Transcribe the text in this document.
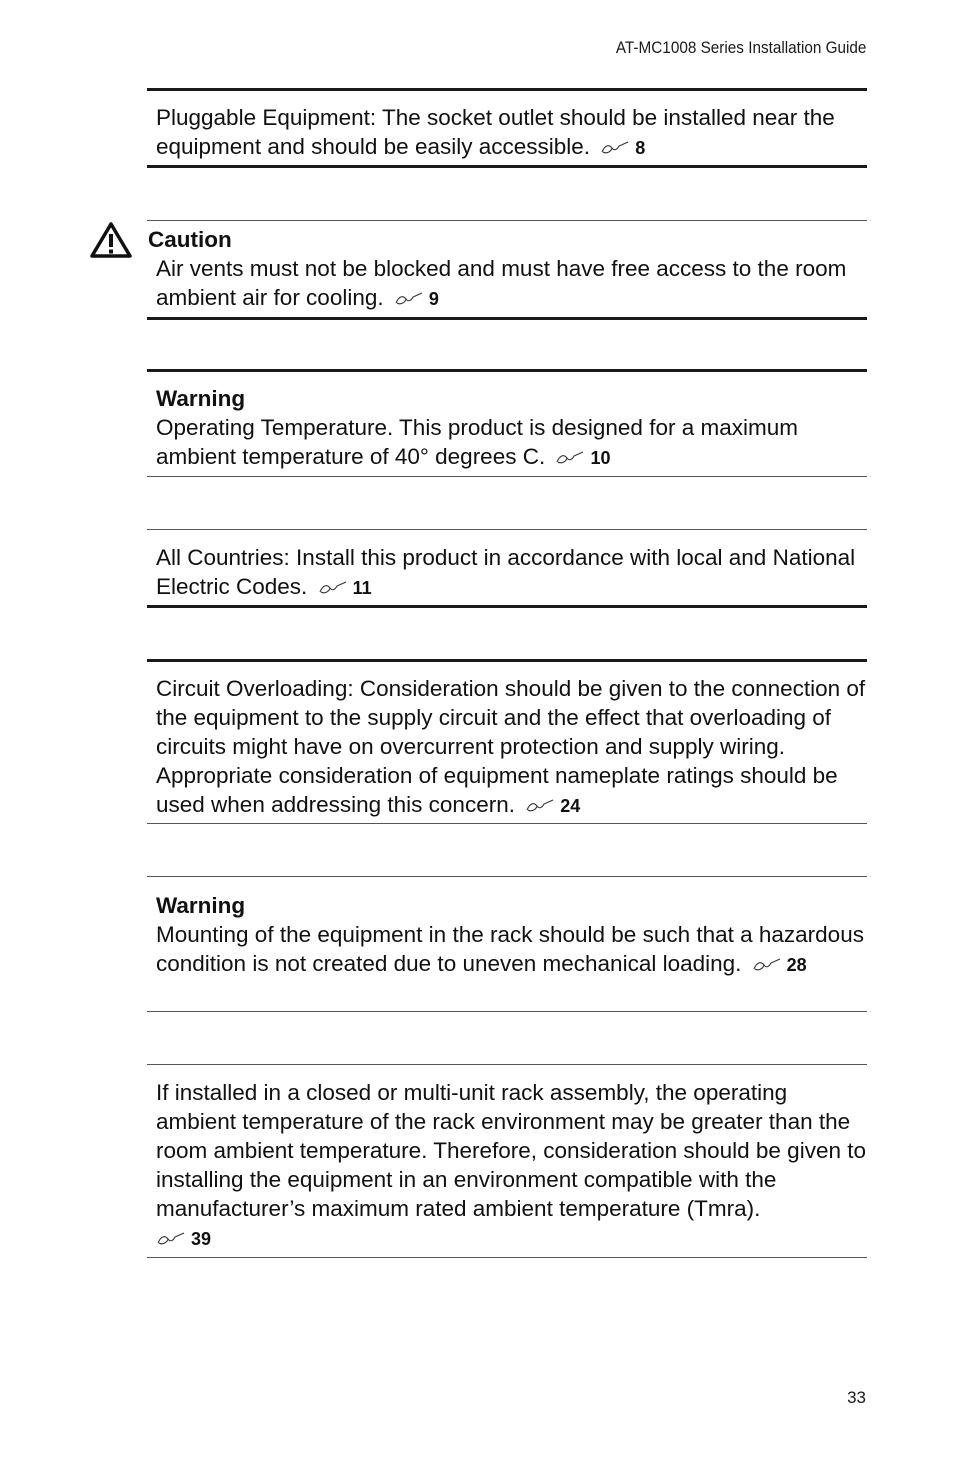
AT-MC1008 Series Installation Guide
Pluggable Equipment: The socket outlet should be installed near the equipment and should be easily accessible.	8
Caution
Air vents must not be blocked and must have free access to the room ambient air for cooling.	9
Warning
Operating Temperature. This product is designed for a maximum ambient temperature of 40° degrees C.	10
All Countries: Install this product in accordance with local and National Electric Codes.	11
Circuit Overloading: Consideration should be given to the connection of the equipment to the supply circuit and the effect that overloading of circuits might have on overcurrent protection and supply wiring. Appropriate consideration of equipment nameplate ratings should be used when addressing this concern.	24
Warning
Mounting of the equipment in the rack should be such that a hazardous condition is not created due to uneven mechanical loading.	28
If installed in a closed or multi-unit rack assembly, the operating ambient temperature of the rack environment may be greater than the room ambient temperature. Therefore, consideration should be given to installing the equipment in an environment compatible with the manufacturer’s maximum rated ambient temperature (Tmra).
39
33
